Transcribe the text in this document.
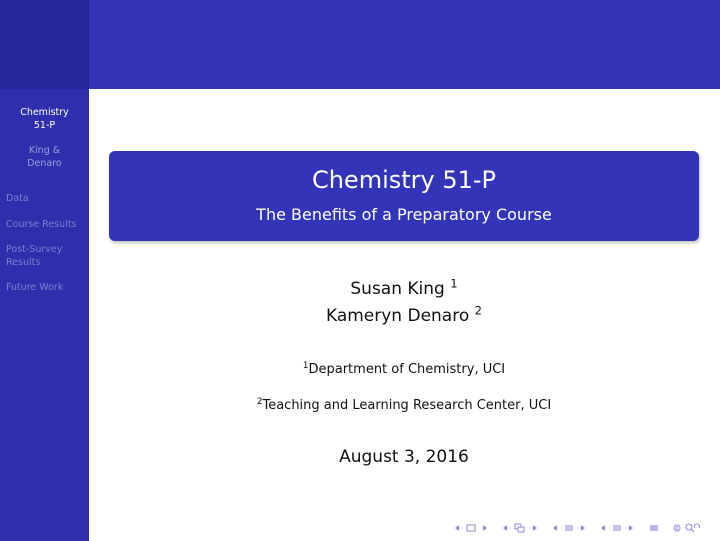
Chemistry
51-P
King &
Denaro
Data
Course Results
Post-Survey
Results
Future Work
Chemistry 51-P
The Benefits of a Preparatory Course
Susan King $^1$
Kameryn Denaro $^2$
$^1$Department of Chemistry, UCI
$^2$Teaching and Learning Research Center, UCI
August 3, 2016
